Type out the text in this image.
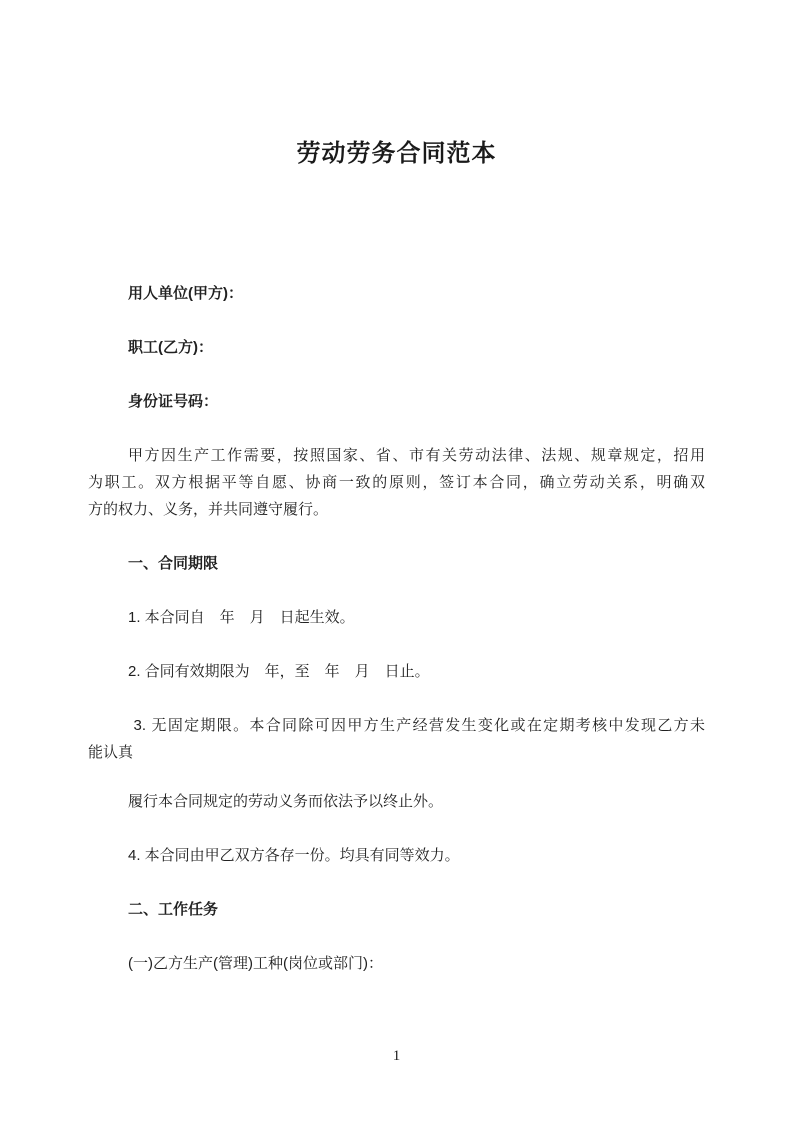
劳动劳务合同范本
用人单位(甲方)：
职工(乙方)：
身份证号码：
甲方因生产工作需要，按照国家、省、市有关劳动法律、法规、规章规定，招用
为职工。双方根据平等自愿、协商一致的原则，签订本合同，确立劳动关系，明确双
方的权力、义务，并共同遵守履行。
一、合同期限
1. 本合同自　年　月　日起生效。
2. 合同有效期限为　年，至　年　月　日止。
3. 无固定期限。本合同除可因甲方生产经营发生变化或在定期考核中发现乙方未
能认真
履行本合同规定的劳动义务而依法予以终止外。
4. 本合同由甲乙双方各存一份。均具有同等效力。
二、工作任务
(一)乙方生产(管理)工种(岗位或部门)：
1
